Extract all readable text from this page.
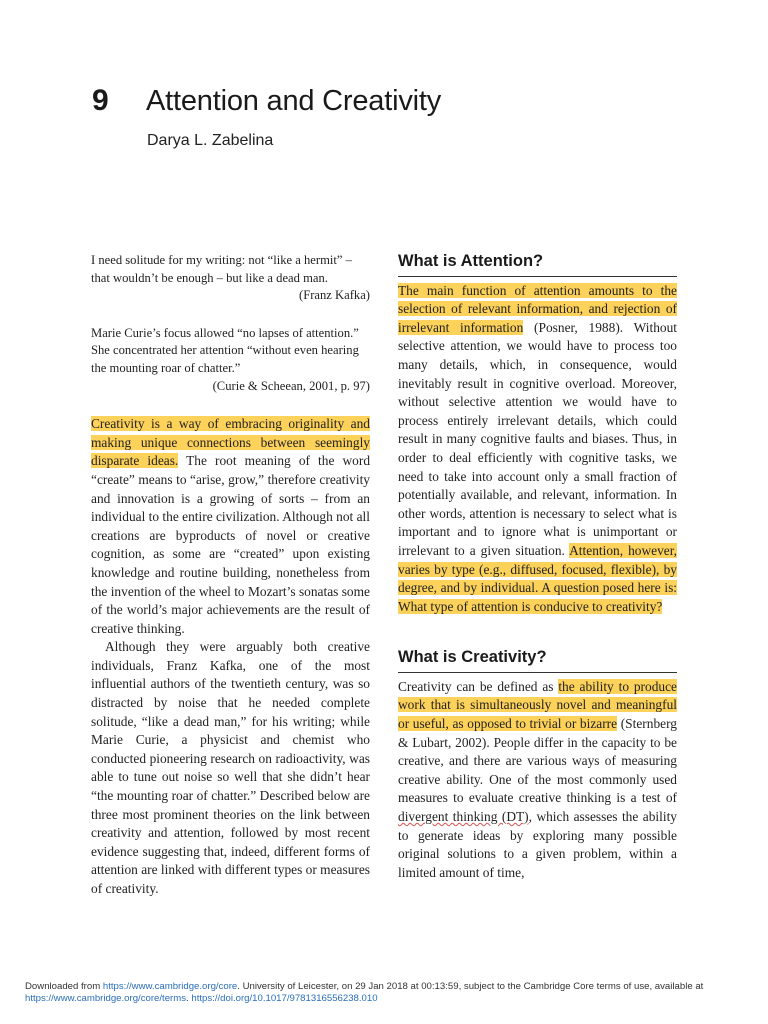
9 Attention and Creativity
Darya L. Zabelina

I need solitude for my writing: not “like a hermit” – that wouldn’t be enough – but like a dead man.

(Franz Kafka)

Marie Curie’s focus allowed “no lapses of attention.” She concentrated her attention “without even hearing the mounting roar of chatter.”

(Curie & Scheean, 2001, p. 97)

Creativity is a way of embracing originality and making unique connections between seemingly disparate ideas. The root meaning of the word “create” means to “arise, grow,” therefore creativity and innovation is a growing of sorts – from an individual to the entire civilization. Although not all creations are byproducts of novel or creative cognition, as some are “created” upon existing knowledge and routine building, nonetheless from the invention of the wheel to Mozart’s sonatas some of the world’s major achievements are the result of creative thinking.

Although they were arguably both creative individuals, Franz Kafka, one of the most influential authors of the twentieth century, was so distracted by noise that he needed complete solitude, “like a dead man,” for his writing; while Marie Curie, a physicist and chemist who conducted pioneering research on radioactivity, was able to tune out noise so well that she didn’t hear “the mounting roar of chatter.” Described below are three most prominent theories on the link between creativity and attention, followed by most recent evidence suggesting that, indeed, different forms of attention are linked with different types or measures of creativity.

What is Attention?

The main function of attention amounts to the selection of relevant information, and rejection of irrelevant information (Posner, 1988). Without selective attention, we would have to process too many details, which, in consequence, would inevitably result in cognitive overload. Moreover, without selective attention we would have to process entirely irrelevant details, which could result in many cognitive faults and biases. Thus, in order to deal efficiently with cognitive tasks, we need to take into account only a small fraction of potentially available, and relevant, information. In other words, attention is necessary to select what is important and to ignore what is unimportant or irrelevant to a given situation. Attention, however, varies by type (e.g., diffused, focused, flexible), by degree, and by individual. A question posed here is: What type of attention is conducive to creativity?

What is Creativity?

Creativity can be defined as the ability to produce work that is simultaneously novel and meaningful or useful, as opposed to trivial or bizarre (Sternberg & Lubart, 2002). People differ in the capacity to be creative, and there are various ways of measuring creative ability. One of the most commonly used measures to evaluate creative thinking is a test of divergent thinking (DT), which assesses the ability to generate ideas by exploring many possible original solutions to a given problem, within a limited amount of time,

Downloaded from https://www.cambridge.org/core. University of Leicester, on 29 Jan 2018 at 00:13:59, subject to the Cambridge Core terms of use, available at
https://www.cambridge.org/core/terms. https://doi.org/10.1017/9781316556238.010
